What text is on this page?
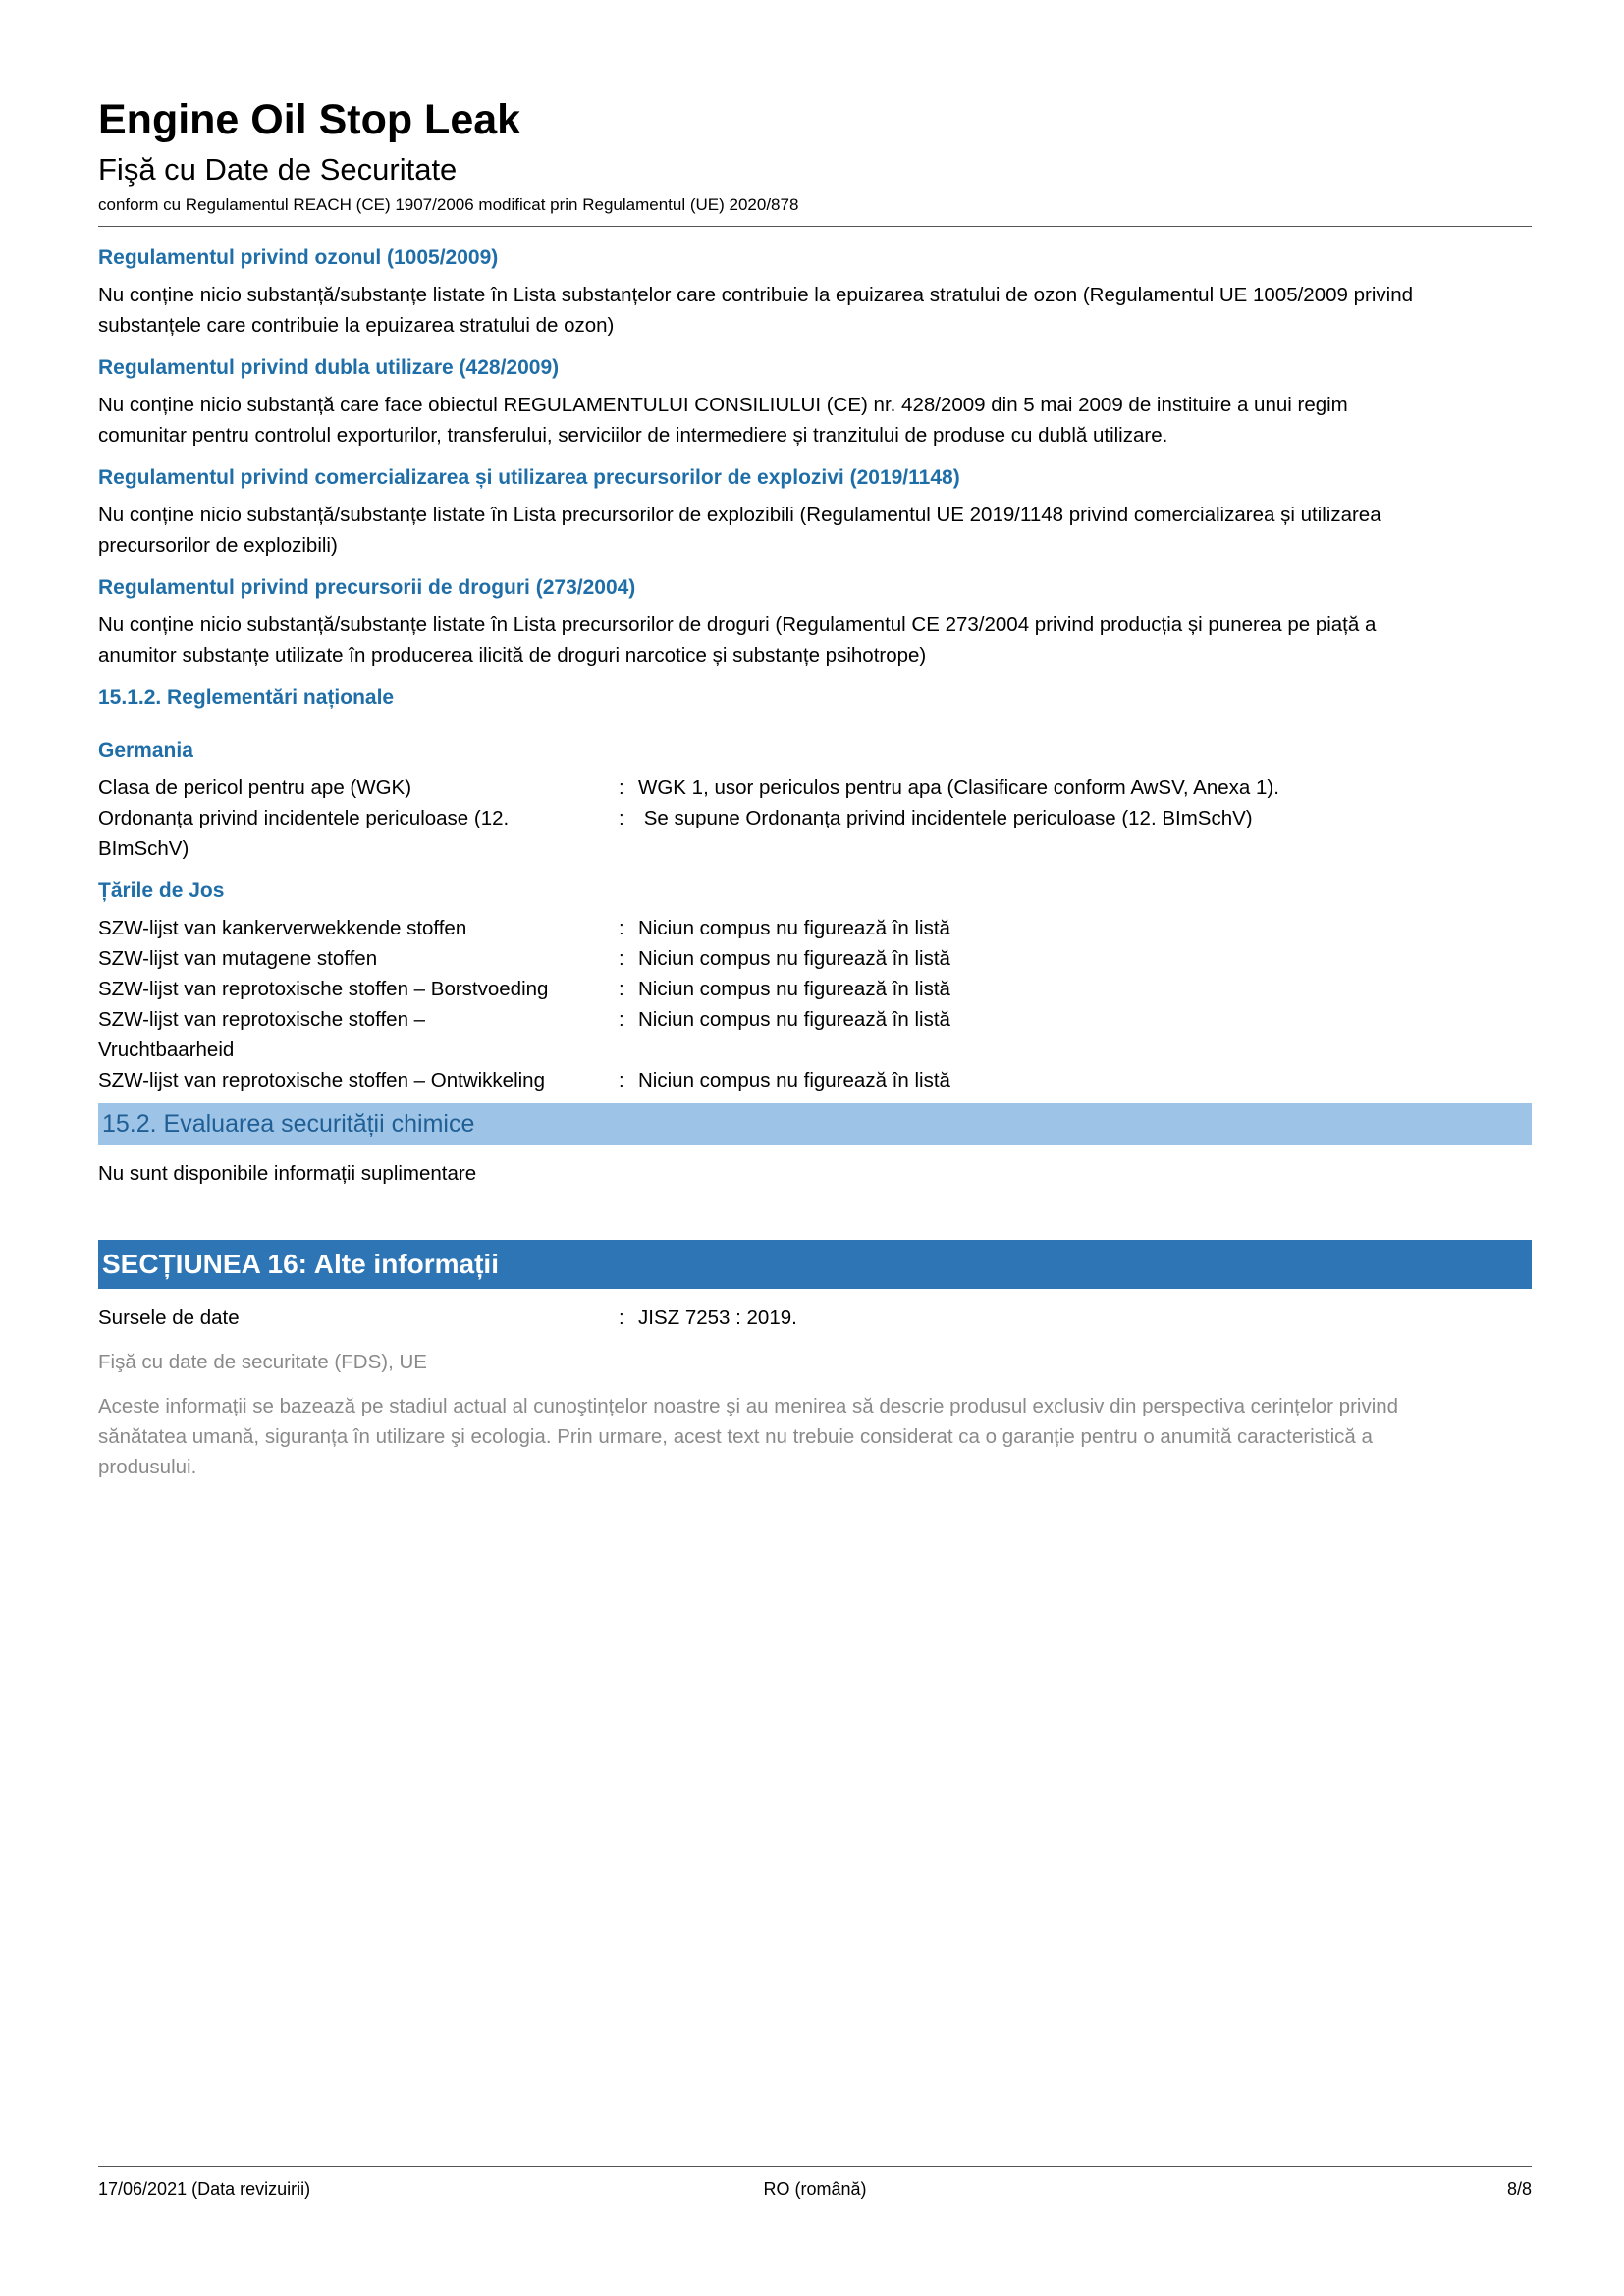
Engine Oil Stop Leak
Fişă cu Date de Securitate
conform cu Regulamentul REACH (CE) 1907/2006 modificat prin Regulamentul (UE) 2020/878
Regulamentul privind ozonul (1005/2009)
Nu conține nicio substanță/substanțe listate în Lista substanțelor care contribuie la epuizarea stratului de ozon (Regulamentul UE 1005/2009 privind
substanțele care contribuie la epuizarea stratului de ozon)
Regulamentul privind dubla utilizare (428/2009)
Nu conține nicio substanță care face obiectul REGULAMENTULUI CONSILIULUI (CE) nr. 428/2009 din 5 mai 2009 de instituire a unui regim
comunitar pentru controlul exporturilor, transferului, serviciilor de intermediere și tranzitului de produse cu dublă utilizare.
Regulamentul privind comercializarea și utilizarea precursorilor de explozivi (2019/1148)
Nu conține nicio substanță/substanțe listate în Lista precursorilor de explozibili (Regulamentul UE 2019/1148 privind comercializarea și utilizarea
precursorilor de explozibili)
Regulamentul privind precursorii de droguri (273/2004)
Nu conține nicio substanță/substanțe listate în Lista precursorilor de droguri (Regulamentul CE 273/2004 privind producția și punerea pe piață a
anumitor substanțe utilizate în producerea ilicită de droguri narcotice și substanțe psihotrope)
15.1.2. Reglementări naționale
Germania
Clasa de pericol pentru ape (WGK)	: WGK 1, usor periculos pentru apa (Clasificare conform AwSV, Anexa 1).
Ordonanța privind incidentele periculoase (12.
BImSchV)
: Se supune Ordonanța privind incidentele periculoase (12. BImSchV)
Țările de Jos
SZW-lijst van kankerverwekkende stoffen	: Niciun compus nu figurează în listă
SZW-lijst van mutagene stoffen	: Niciun compus nu figurează în listă
SZW-lijst van reprotoxische stoffen – Borstvoeding	: Niciun compus nu figurează în listă
SZW-lijst van reprotoxische stoffen –
Vruchtbaarheid
: Niciun compus nu figurează în listă
SZW-lijst van reprotoxische stoffen – Ontwikkeling	: Niciun compus nu figurează în listă
15.2. Evaluarea securității chimice
Nu sunt disponibile informații suplimentare
SECȚIUNEA 16: Alte informații
Sursele de date	: JISZ 7253 : 2019.
Fişă cu date de securitate (FDS), UE
Aceste informații se bazează pe stadiul actual al cunoştințelor noastre şi au menirea să descrie produsul exclusiv din perspectiva cerințelor privind
sănătatea umană, siguranța în utilizare şi ecologia. Prin urmare, acest text nu trebuie considerat ca o garanție pentru o anumită caracteristică a
produsului.
17/06/2021 (Data revizuirii)	RO (română)	8/8
